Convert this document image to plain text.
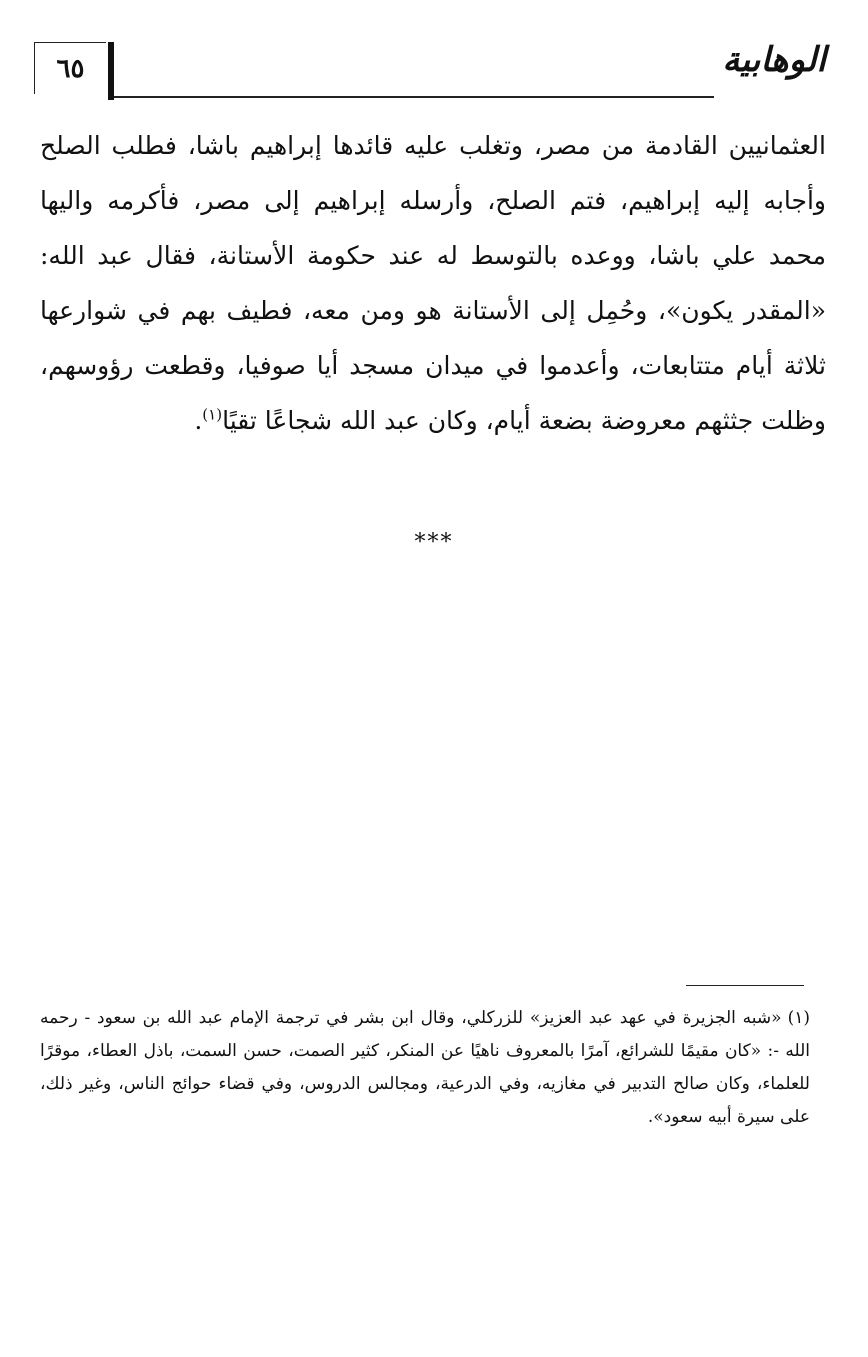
٦٥	الوهابية

العثمانيين القادمة من مصر، وتغلب عليه قائدها إبراهيم باشا، فطلب الصلح وأجابه إليه إبراهيم، فتم الصلح، وأرسله إبراهيم إلى مصر، فأكرمه واليها محمد علي باشا، ووعده بالتوسط له عند حكومة الأستانة، فقال عبد الله: «المقدر يكون»، وحُمِل إلى الأستانة هو ومن معه، فطيف بهم في شوارعها ثلاثة أيام متتابعات، وأعدموا في ميدان مسجد أيا صوفيا، وقطعت رؤوسهم، وظلت جثثهم معروضة بضعة أيام، وكان عبد الله شجاعًا تقيًا$^{(١)}$.

***

(١)«شبه الجزيرة في عهد عبد العزيز» للزركلي، وقال ابن بشر في ترجمة الإمام عبد الله بن سعود - رحمه الله -: «كان مقيمًا للشرائع، آمرًا بالمعروف ناهيًا عن المنكر، كثير الصمت، حسن السمت، باذل العطاء، موقرًا للعلماء، وكان صالح التدبير في مغازيه، وفي الدرعية، ومجالس الدروس، وفي قضاء حوائج الناس، وغير ذلك، على سيرة أبيه سعود».
